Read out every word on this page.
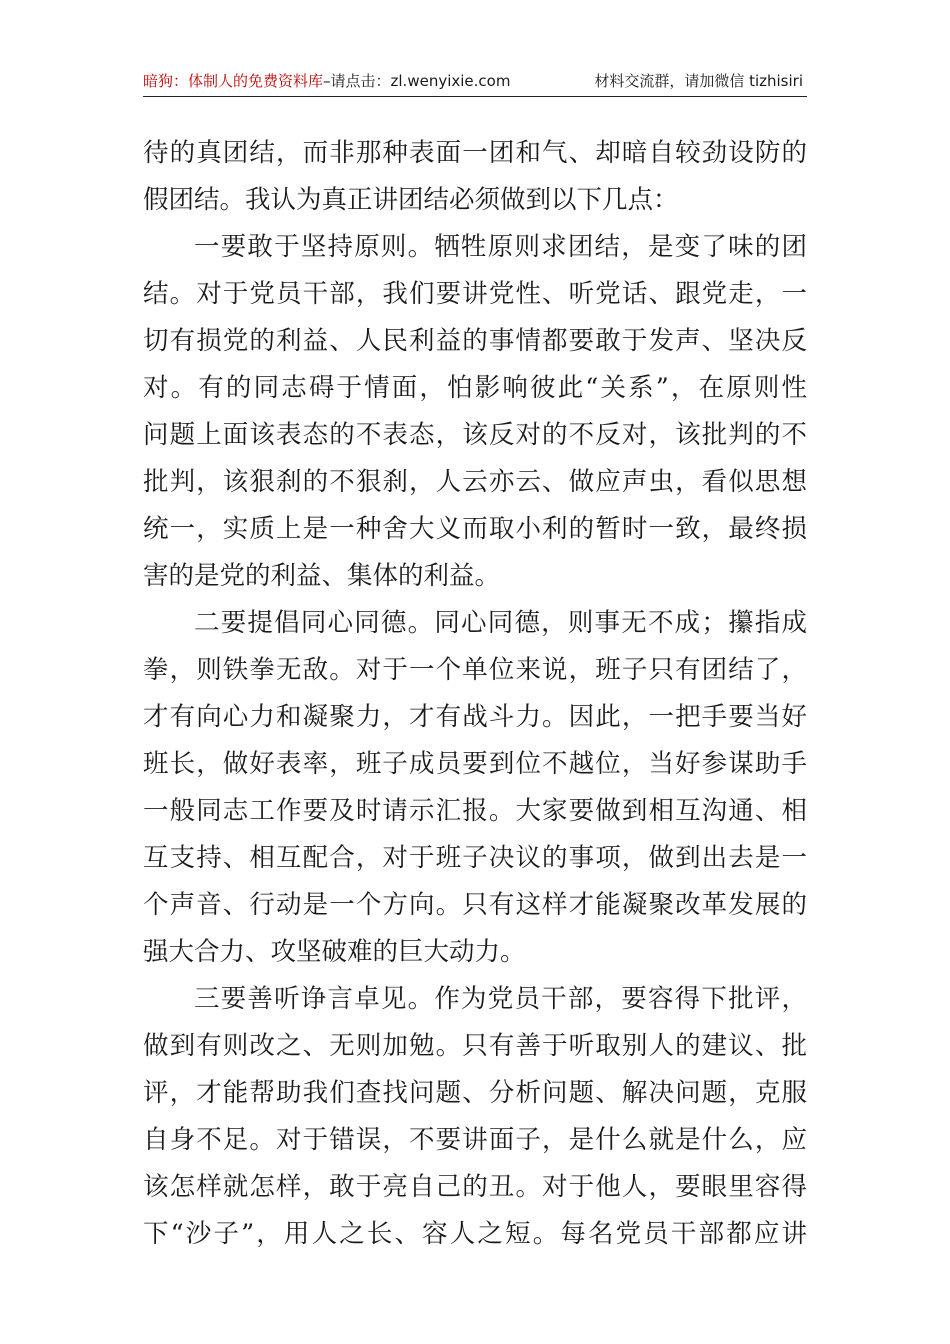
暗狗：体制人的免费资料库–请点击：zl.wenyixie.com	材料交流群，请加微信 tizhisiri
待的真团结，而非那种表面一团和气、却暗自较劲设防的
假团结。我认为真正讲团结必须做到以下几点：
一要敢于坚持原则。牺牲原则求团结，是变了味的团
结。对于党员干部，我们要讲党性、听党话、跟党走，一
切有损党的利益、人民利益的事情都要敢于发声、坚决反
对。有的同志碍于情面，怕影响彼此“关系”，在原则性
问题上面该表态的不表态，该反对的不反对，该批判的不
批判，该狠刹的不狠刹，人云亦云、做应声虫，看似思想
统一，实质上是一种舍大义而取小利的暂时一致，最终损
害的是党的利益、集体的利益。
二要提倡同心同德。同心同德，则事无不成；攥指成
拳，则铁拳无敌。对于一个单位来说，班子只有团结了，
才有向心力和凝聚力，才有战斗力。因此，一把手要当好
班长，做好表率，班子成员要到位不越位，当好参谋助手
一般同志工作要及时请示汇报。大家要做到相互沟通、相
互支持、相互配合，对于班子决议的事项，做到出去是一
个声音、行动是一个方向。只有这样才能凝聚改革发展的
强大合力、攻坚破难的巨大动力。
三要善听诤言卓见。作为党员干部，要容得下批评，
做到有则改之、无则加勉。只有善于听取别人的建议、批
评，才能帮助我们查找问题、分析问题、解决问题，克服
自身不足。对于错误，不要讲面子，是什么就是什么，应
该怎样就怎样，敢于亮自己的丑。对于他人，要眼里容得
下“沙子”，用人之长、容人之短。每名党员干部都应讲
